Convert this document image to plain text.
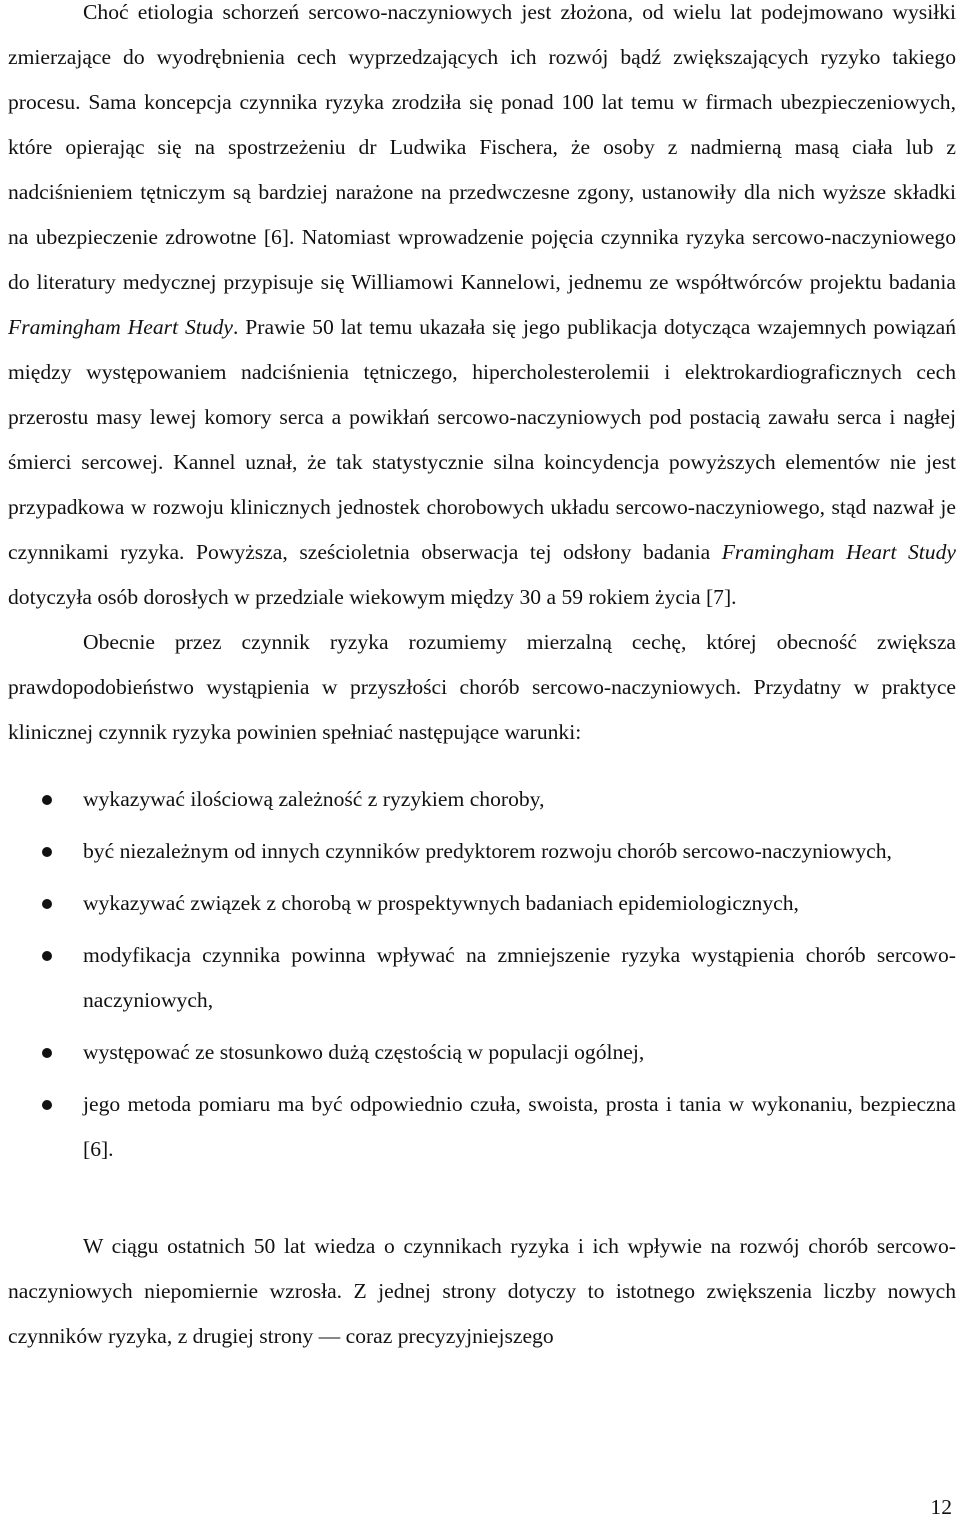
Choć etiologia schorzeń sercowo-naczyniowych jest złożona, od wielu lat podejmowano wysiłki zmierzające do wyodrębnienia cech wyprzedzających ich rozwój bądź zwiększających ryzyko takiego procesu. Sama koncepcja czynnika ryzyka zrodziła się ponad 100 lat temu w firmach ubezpieczeniowych, które opierając się na spostrzeżeniu dr Ludwika Fischera, że osoby z nadmierną masą ciała lub z nadciśnieniem tętniczym są bardziej narażone na przedwczesne zgony, ustanowiły dla nich wyższe składki na ubezpieczenie zdrowotne [6]. Natomiast wprowadzenie pojęcia czynnika ryzyka sercowo-naczyniowego do literatury medycznej przypisuje się Williamowi Kannelowi, jednemu ze współtwórców projektu badania Framingham Heart Study. Prawie 50 lat temu ukazała się jego publikacja dotycząca wzajemnych powiązań między występowaniem nadciśnienia tętniczego, hipercholesterolemii i elektrokardiograficznych cech przerostu masy lewej komory serca a powikłań sercowo-naczyniowych pod postacią zawału serca i nagłej śmierci sercowej. Kannel uznał, że tak statystycznie silna koincydencja powyższych elementów nie jest przypadkowa w rozwoju klinicznych jednostek chorobowych układu sercowo-naczyniowego, stąd nazwał je czynnikami ryzyka. Powyższa, sześcioletnia obserwacja tej odsłony badania Framingham Heart Study dotyczyła osób dorosłych w przedziale wiekowym między 30 a 59 rokiem życia [7].

Obecnie przez czynnik ryzyka rozumiemy mierzalną cechę, której obecność zwiększa prawdopodobieństwo wystąpienia w przyszłości chorób sercowo-naczyniowych. Przydatny w praktyce klinicznej czynnik ryzyka powinien spełniać następujące warunki:

wykazywać ilościową zależność z ryzykiem choroby,
być niezależnym od innych czynników predyktorem rozwoju chorób sercowo-naczyniowych,
wykazywać związek z chorobą w prospektywnych badaniach epidemiologicznych,
modyfikacja czynnika powinna wpływać na zmniejszenie ryzyka wystąpienia chorób sercowo-naczyniowych,
występować ze stosunkowo dużą częstością w populacji ogólnej,
jego metoda pomiaru ma być odpowiednio czuła, swoista, prosta i tania w wykonaniu, bezpieczna [6].

W ciągu ostatnich 50 lat wiedza o czynnikach ryzyka i ich wpływie na rozwój chorób sercowo-naczyniowych niepomiernie wzrosła. Z jednej strony dotyczy to istotnego zwiększenia liczby nowych czynników ryzyka, z drugiej strony — coraz precyzyjniejszego

12
